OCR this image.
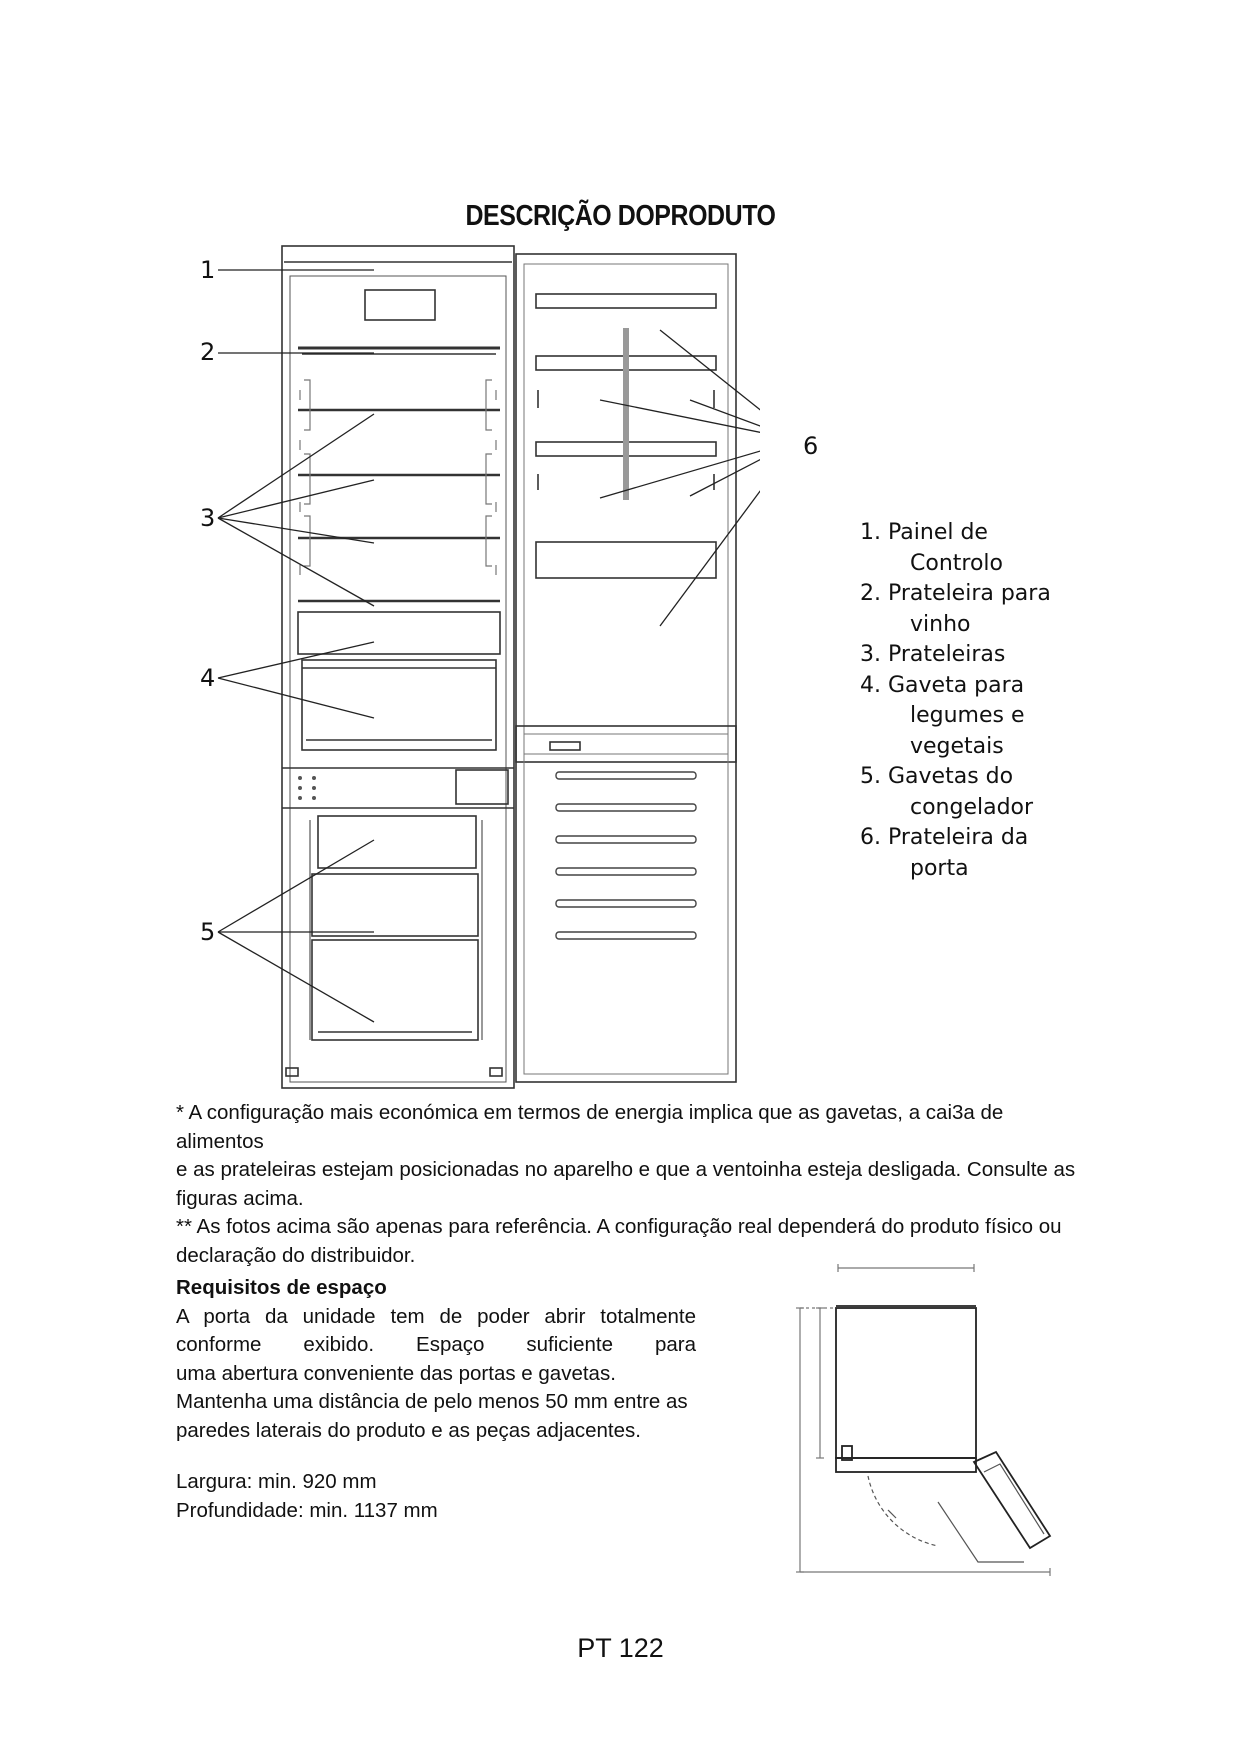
DESCRIÇÃO DOPRODUTO
1
2
3
4
5
6
1. Painel de
Controlo
2. Prateleira para
vinho
3. Prateleiras
4. Gaveta para
legumes e
vegetais
5. Gavetas do
congelador
6. Prateleira da
porta

* A configuração mais económica em termos de energia implica que as gavetas, a cai3a de alimentos

e as prateleiras estejam posicionadas no aparelho e que a ventoinha esteja desligada. Consulte as

figuras acima.

** As fotos acima são apenas para referência. A configuração real dependerá do produto físico ou

declaração do distribuidor.

Requisitos de espaço

A porta da unidade tem de poder abrir totalmente

conforme exibido. Espaço suficiente para

uma abertura conveniente das portas e gavetas.

Mantenha uma distância de pelo menos 50 mm entre as

paredes laterais do produto e as peças adjacentes.

Largura: min. 920 mm

Profundidade: min. 1137 mm

PT 122
